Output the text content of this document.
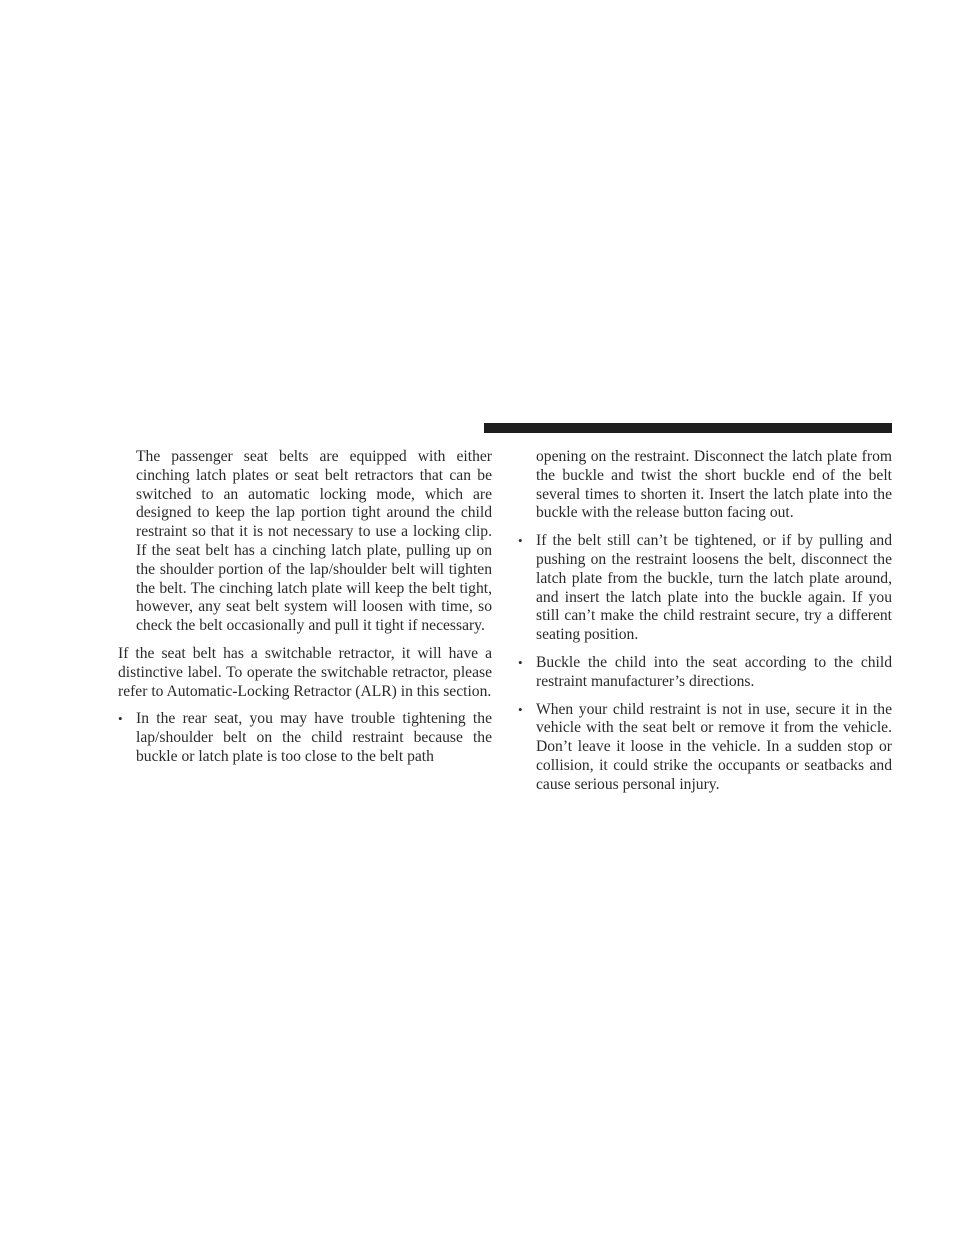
The passenger seat belts are equipped with either cinching latch plates or seat belt retractors that can be switched to an automatic locking mode, which are designed to keep the lap portion tight around the child restraint so that it is not necessary to use a locking clip. If the seat belt has a cinching latch plate, pulling up on the shoulder portion of the lap/shoulder belt will tighten the belt. The cinching latch plate will keep the belt tight, however, any seat belt system will loosen with time, so check the belt occasionally and pull it tight if necessary.

If the seat belt has a switchable retractor, it will have a distinctive label. To operate the switchable retractor, please refer to Automatic-Locking Retractor (ALR) in this section.

• In the rear seat, you may have trouble tightening the lap/shoulder belt on the child restraint because the buckle or latch plate is too close to the belt path

opening on the restraint. Disconnect the latch plate from the buckle and twist the short buckle end of the belt several times to shorten it. Insert the latch plate into the buckle with the release button facing out.

• If the belt still can’t be tightened, or if by pulling and pushing on the restraint loosens the belt, disconnect the latch plate from the buckle, turn the latch plate around, and insert the latch plate into the buckle again. If you still can’t make the child restraint secure, try a different seating position.
• Buckle the child into the seat according to the child restraint manufacturer’s directions.
• When your child restraint is not in use, secure it in the vehicle with the seat belt or remove it from the vehicle. Don’t leave it loose in the vehicle. In a sudden stop or collision, it could strike the occupants or seatbacks and cause serious personal injury.
